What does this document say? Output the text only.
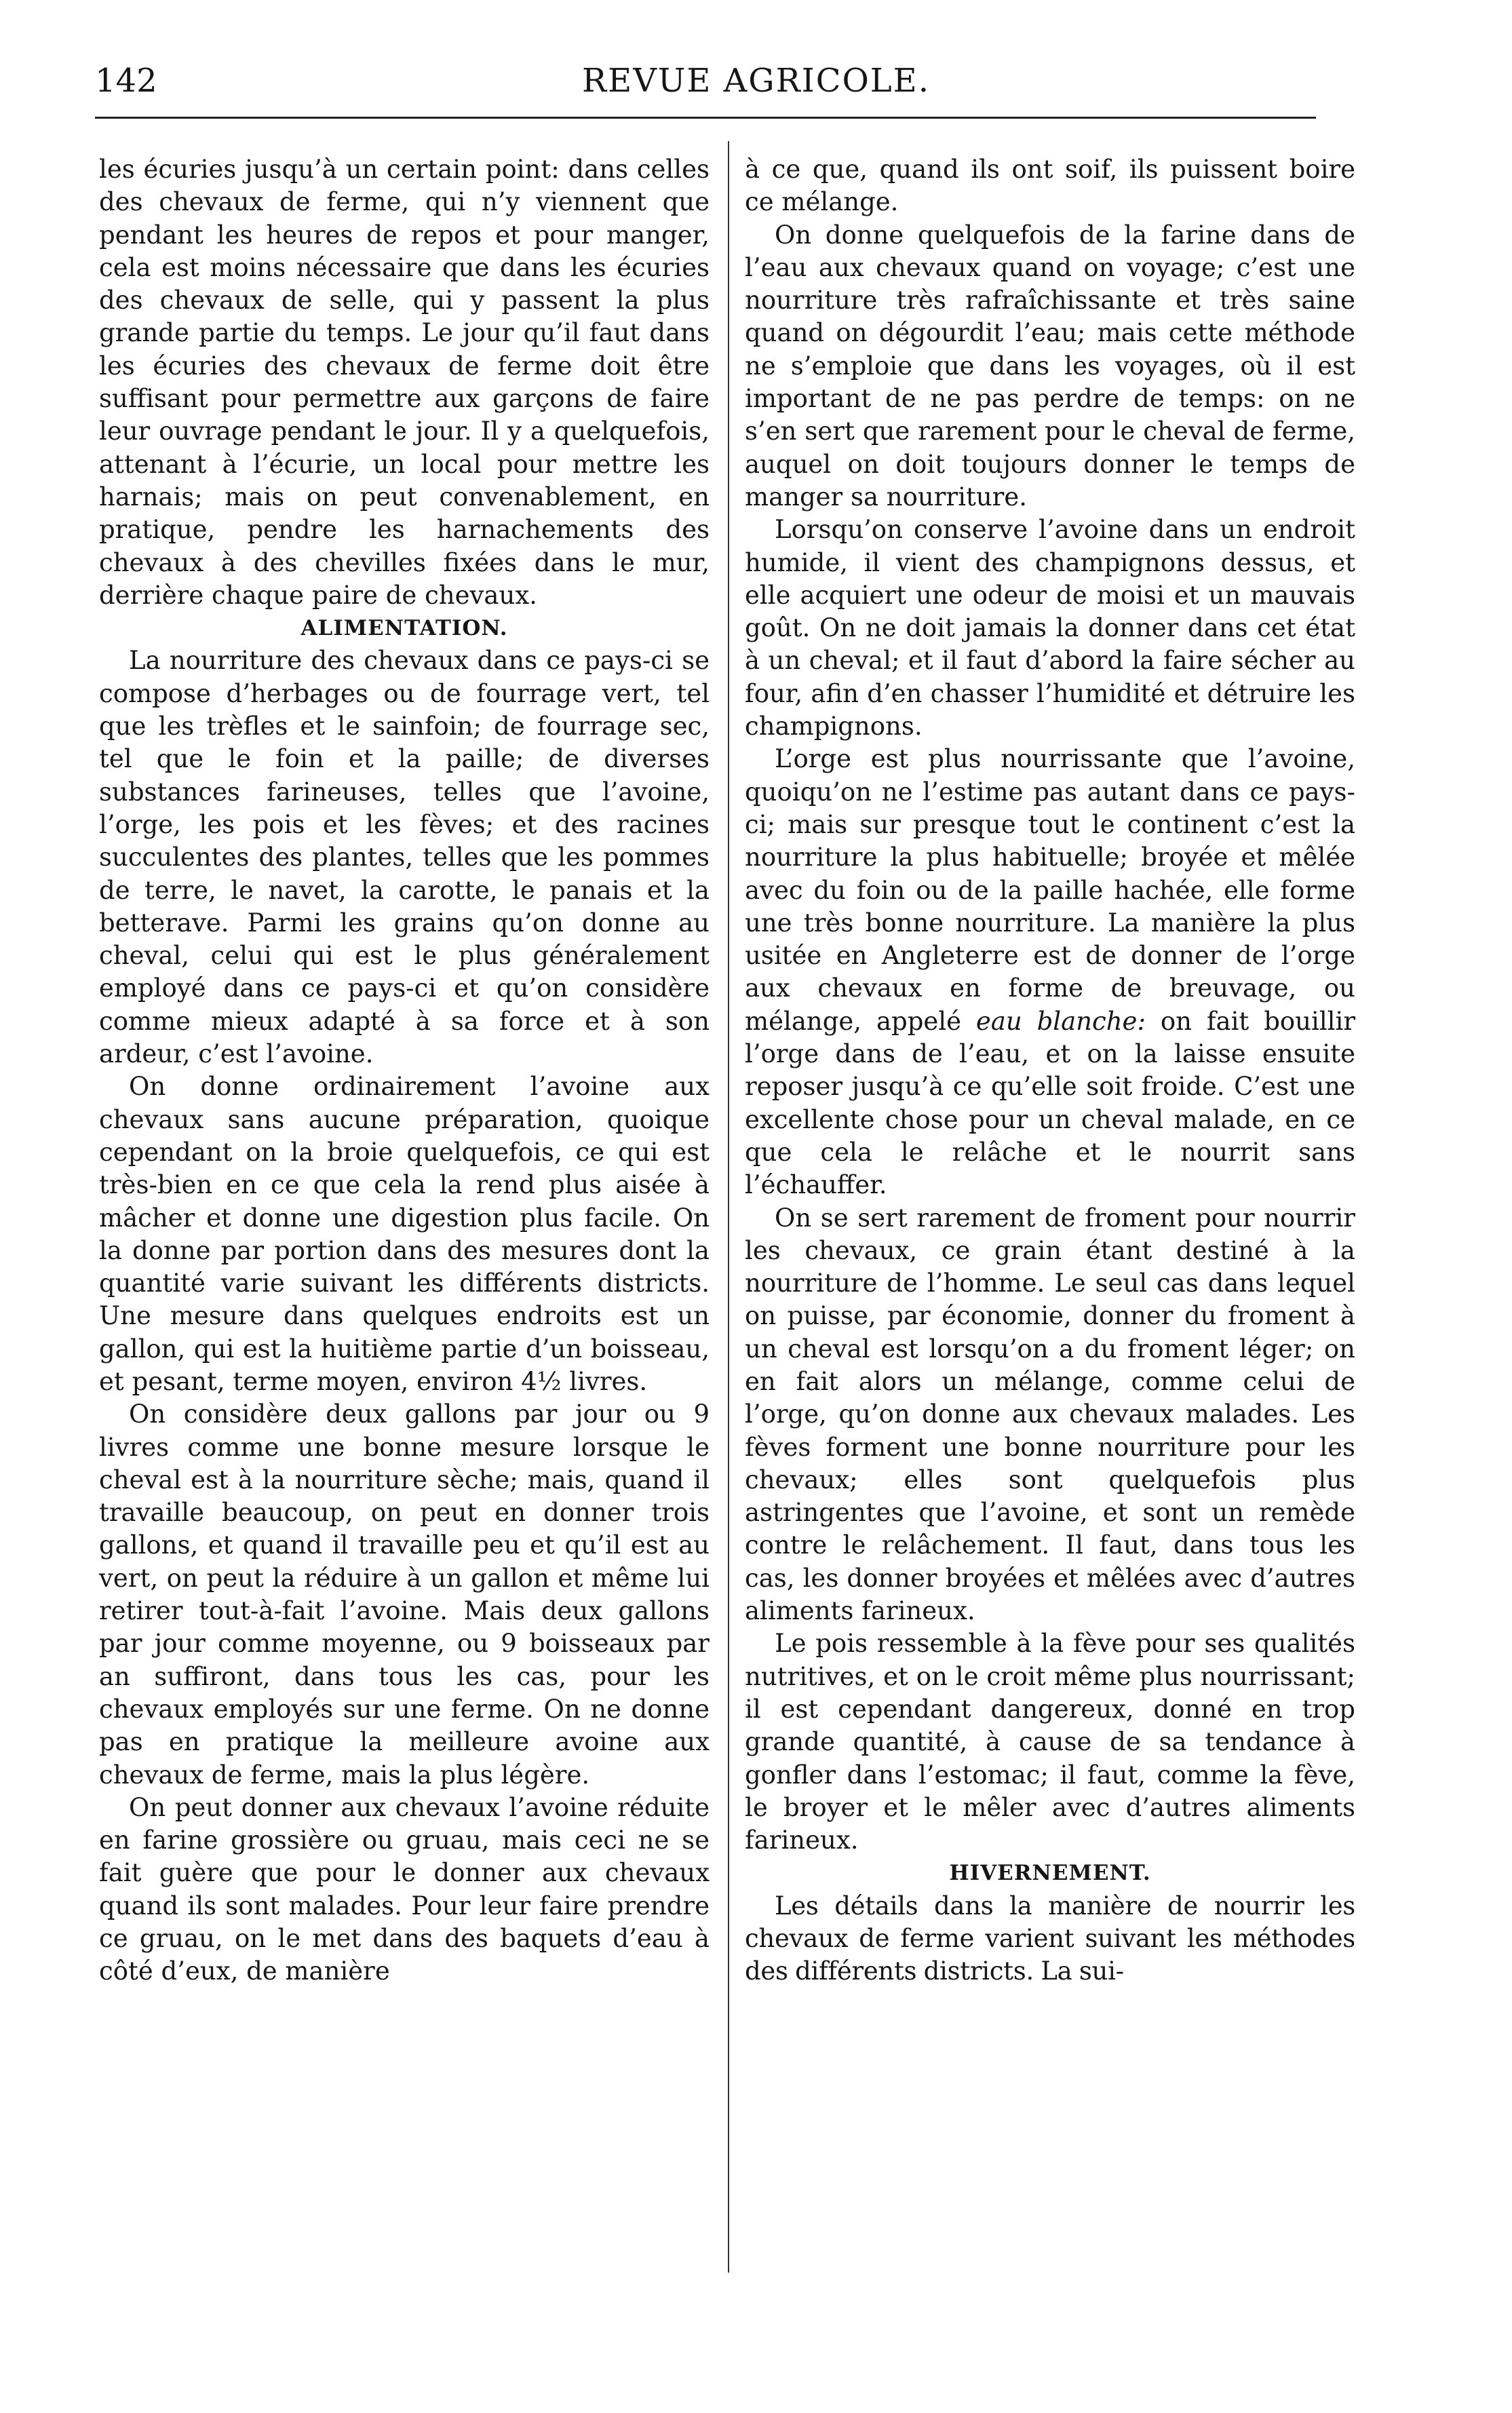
142	REVUE AGRICOLE.

les écuries jusqu’à un certain point: dans celles des chevaux de ferme, qui n’y viennent que pendant les heures de repos et pour manger, cela est moins nécessaire que dans les écuries des chevaux de selle, qui y passent la plus grande partie du temps. Le jour qu’il faut dans les écuries des chevaux de ferme doit être suffisant pour permettre aux garçons de faire leur ouvrage pendant le jour. Il y a quelquefois, attenant à l’écurie, un local pour mettre les harnais; mais on peut convenablement, en pratique, pendre les harnachements des chevaux à des chevilles fixées dans le mur, derrière chaque paire de chevaux.

ALIMENTATION.

La nourriture des chevaux dans ce pays-ci se compose d’herbages ou de fourrage vert, tel que les trèfles et le sainfoin; de fourrage sec, tel que le foin et la paille; de diverses substances farineuses, telles que l’avoine, l’orge, les pois et les fèves; et des racines succulentes des plantes, telles que les pommes de terre, le navet, la carotte, le panais et la betterave. Parmi les grains qu’on donne au cheval, celui qui est le plus généralement employé dans ce pays-ci et qu’on considère comme mieux adapté à sa force et à son ardeur, c’est l’avoine.

On donne ordinairement l’avoine aux chevaux sans aucune préparation, quoique cependant on la broie quelquefois, ce qui est très-bien en ce que cela la rend plus aisée à mâcher et donne une digestion plus facile. On la donne par portion dans des mesures dont la quantité varie suivant les différents districts. Une mesure dans quelques endroits est un gallon, qui est la huitième partie d’un boisseau, et pesant, terme moyen, environ 4½ livres.

On considère deux gallons par jour ou 9 livres comme une bonne mesure lorsque le cheval est à la nourriture sèche; mais, quand il travaille beaucoup, on peut en donner trois gallons, et quand il travaille peu et qu’il est au vert, on peut la réduire à un gallon et même lui retirer tout-à-fait l’avoine. Mais deux gallons par jour comme moyenne, ou 9 boisseaux par an suffiront, dans tous les cas, pour les chevaux employés sur une ferme. On ne donne pas en pratique la meilleure avoine aux chevaux de ferme, mais la plus légère.

On peut donner aux chevaux l’avoine réduite en farine grossière ou gruau, mais ceci ne se fait guère que pour le donner aux chevaux quand ils sont malades. Pour leur faire prendre ce gruau, on le met dans des baquets d’eau à côté d’eux, de manière

à ce que, quand ils ont soif, ils puissent boire ce mélange.

On donne quelquefois de la farine dans de l’eau aux chevaux quand on voyage; c’est une nourriture très rafraîchissante et très saine quand on dégourdit l’eau; mais cette méthode ne s’emploie que dans les voyages, où il est important de ne pas perdre de temps: on ne s’en sert que rarement pour le cheval de ferme, auquel on doit toujours donner le temps de manger sa nourriture.

Lorsqu’on conserve l’avoine dans un endroit humide, il vient des champignons dessus, et elle acquiert une odeur de moisi et un mauvais goût. On ne doit jamais la donner dans cet état à un cheval; et il faut d’abord la faire sécher au four, afin d’en chasser l’humidité et détruire les champignons.

L’orge est plus nourrissante que l’avoine, quoiqu’on ne l’estime pas autant dans ce pays-ci; mais sur presque tout le continent c’est la nourriture la plus habituelle; broyée et mêlée avec du foin ou de la paille hachée, elle forme une très bonne nourriture. La manière la plus usitée en Angleterre est de donner de l’orge aux chevaux en forme de breuvage, ou mélange, appelé eau blanche: on fait bouillir l’orge dans de l’eau, et on la laisse ensuite reposer jusqu’à ce qu’elle soit froide. C’est une excellente chose pour un cheval malade, en ce que cela le relâche et le nourrit sans l’échauffer.

On se sert rarement de froment pour nourrir les chevaux, ce grain étant destiné à la nourriture de l’homme. Le seul cas dans lequel on puisse, par économie, donner du froment à un cheval est lorsqu’on a du froment léger; on en fait alors un mélange, comme celui de l’orge, qu’on donne aux chevaux malades. Les fèves forment une bonne nourriture pour les chevaux; elles sont quelquefois plus astringentes que l’avoine, et sont un remède contre le relâchement. Il faut, dans tous les cas, les donner broyées et mêlées avec d’autres aliments farineux.

Le pois ressemble à la fève pour ses qualités nutritives, et on le croit même plus nourrissant; il est cependant dangereux, donné en trop grande quantité, à cause de sa tendance à gonfler dans l’estomac; il faut, comme la fève, le broyer et le mêler avec d’autres aliments farineux.

HIVERNEMENT.

Les détails dans la manière de nourrir les chevaux de ferme varient suivant les méthodes des différents districts. La sui-
